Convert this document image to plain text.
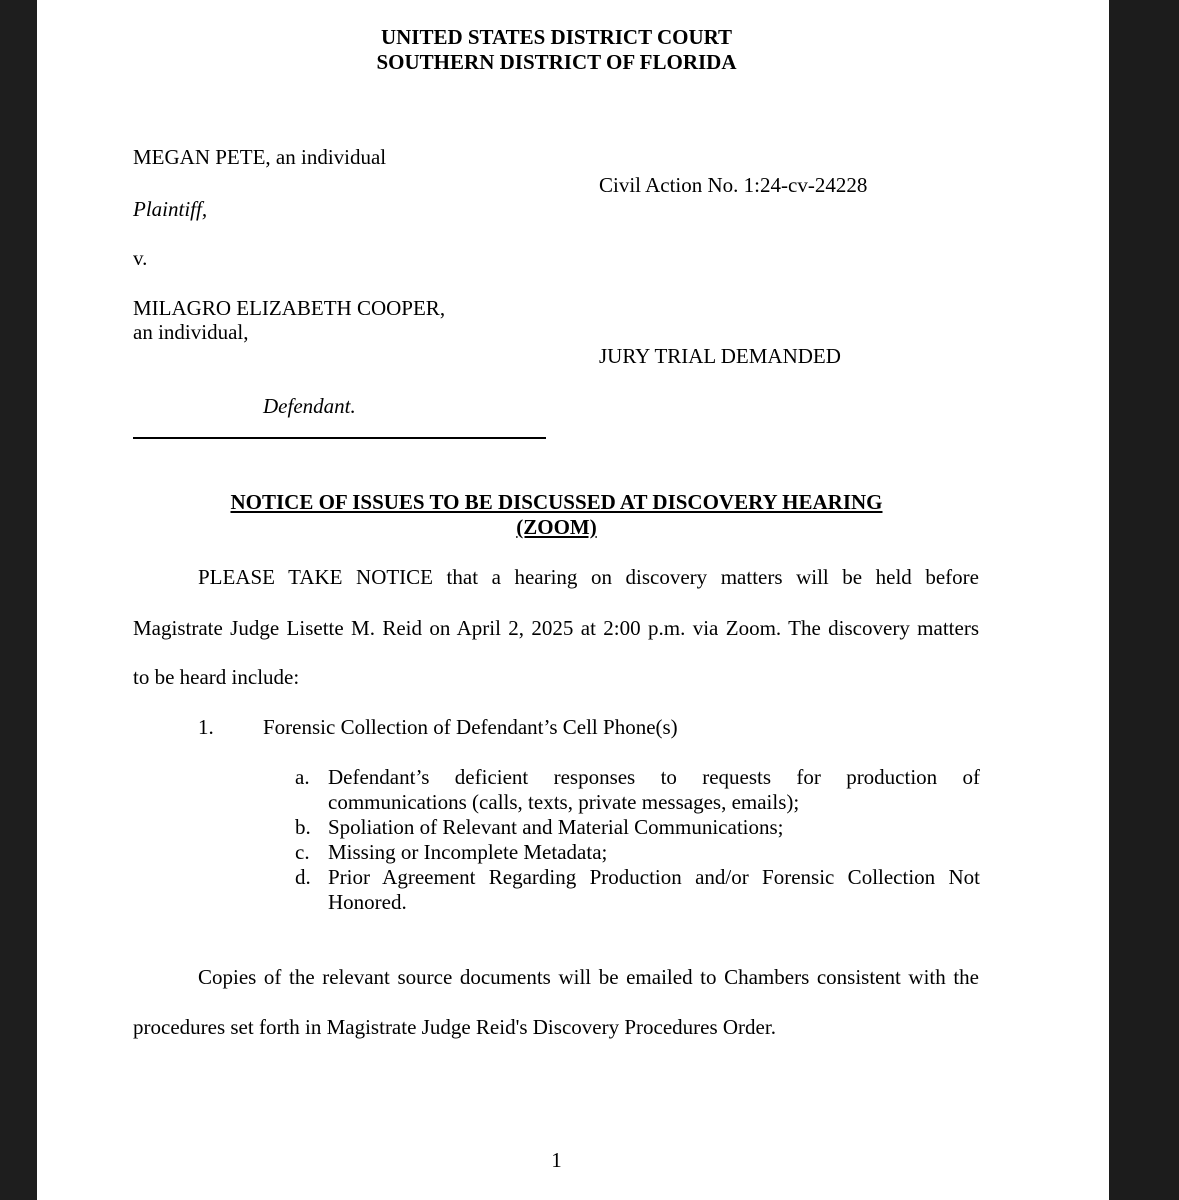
UNITED STATES DISTRICT COURT
SOUTHERN DISTRICT OF FLORIDA
MEGAN PETE, an individual
Civil Action No. 1:24-cv-24228
Plaintiff,
v.
MILAGRO ELIZABETH COOPER,
an individual,
JURY TRIAL DEMANDED
Defendant.
NOTICE OF ISSUES TO BE DISCUSSED AT DISCOVERY HEARING
(ZOOM)
PLEASE TAKE NOTICE that a hearing on discovery matters will be held before
Magistrate Judge Lisette M. Reid on April 2, 2025 at 2:00 p.m. via Zoom. The discovery matters
to be heard include:
1. Forensic Collection of Defendant’s Cell Phone(s)
a. Defendant’s deficient responses to requests for production of
communications (calls, texts, private messages, emails);
b. Spoliation of Relevant and Material Communications;
c. Missing or Incomplete Metadata;
d. Prior Agreement Regarding Production and/or Forensic Collection Not
Honored.
Copies of the relevant source documents will be emailed to Chambers consistent with the
procedures set forth in Magistrate Judge Reid's Discovery Procedures Order.
1
